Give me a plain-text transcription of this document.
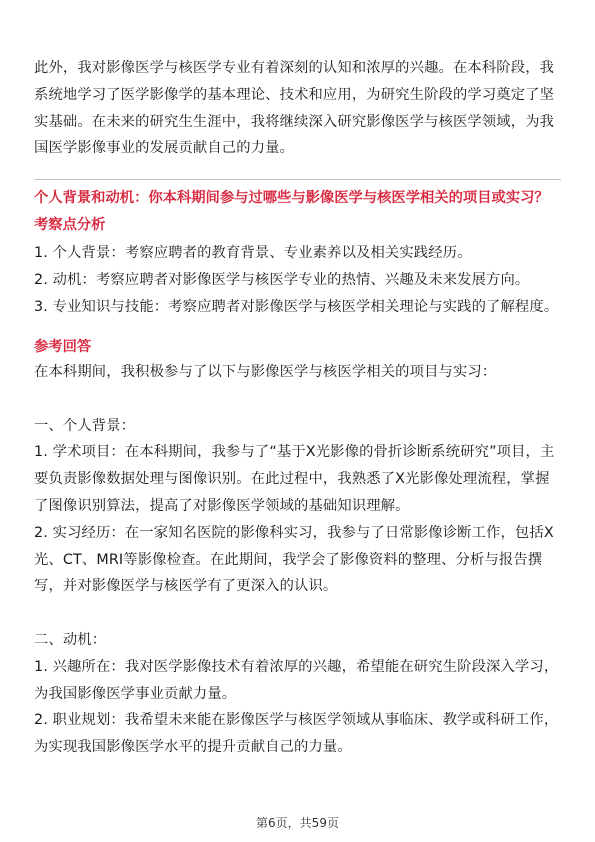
此外，我对影像医学与核医学专业有着深刻的认知和浓厚的兴趣。在本科阶段，我系统地学习了医学影像学的基本理论、技术和应用，为研究生阶段的学习奠定了坚实基础。在未来的研究生生涯中，我将继续深入研究影像医学与核医学领域，为我国医学影像事业的发展贡献自己的力量。

个人背景和动机：你本科期间参与过哪些与影像医学与核医学相关的项目或实习？

考察点分析

1. 个人背景：考察应聘者的教育背景、专业素养以及相关实践经历。

2. 动机：考察应聘者对影像医学与核医学专业的热情、兴趣及未来发展方向。

3. 专业知识与技能：考察应聘者对影像医学与核医学相关理论与实践的了解程度。

参考回答

在本科期间，我积极参与了以下与影像医学与核医学相关的项目与实习：

一、个人背景：

1. 学术项目：在本科期间，我参与了“基于X光影像的骨折诊断系统研究”项目，主要负责影像数据处理与图像识别。在此过程中，我熟悉了X光影像处理流程，掌握了图像识别算法，提高了对影像医学领域的基础知识理解。

2. 实习经历：在一家知名医院的影像科实习，我参与了日常影像诊断工作，包括X光、CT、MRI等影像检查。在此期间，我学会了影像资料的整理、分析与报告撰写，并对影像医学与核医学有了更深入的认识。

二、动机：

1. 兴趣所在：我对医学影像技术有着浓厚的兴趣，希望能在研究生阶段深入学习，为我国影像医学事业贡献力量。

2. 职业规划：我希望未来能在影像医学与核医学领域从事临床、教学或科研工作，为实现我国影像医学水平的提升贡献自己的力量。

第6页，共59页
